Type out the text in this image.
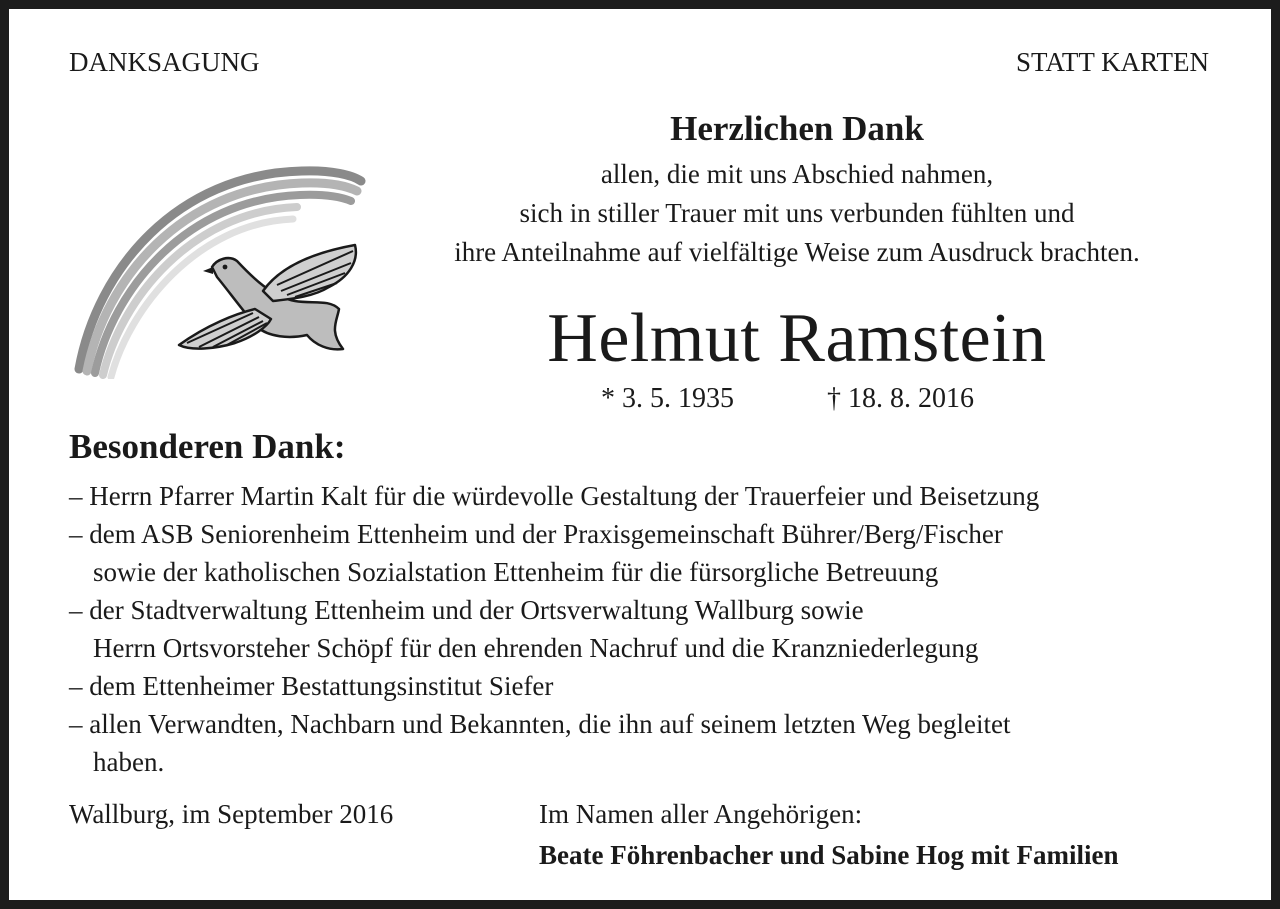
DANKSAGUNG	STATT KARTEN
Herzlichen Dank
allen, die mit uns Abschied nahmen,
sich in stiller Trauer mit uns verbunden fühlten und
ihre Anteilnahme auf vielfältige Weise zum Ausdruck brachten.
Helmut Ramstein
* 3. 5. 1935	† 18. 8. 2016
Besonderen Dank:
– Herrn Pfarrer Martin Kalt für die würdevolle Gestaltung der Trauerfeier und Beisetzung
– dem ASB Seniorenheim Ettenheim und der Praxisgemeinschaft Bührer/Berg/Fischer
sowie der katholischen Sozialstation Ettenheim für die fürsorgliche Betreuung
– der Stadtverwaltung Ettenheim und der Ortsverwaltung Wallburg sowie
Herrn Ortsvorsteher Schöpf für den ehrenden Nachruf und die Kranzniederlegung
– dem Ettenheimer Bestattungsinstitut Siefer
– allen Verwandten, Nachbarn und Bekannten, die ihn auf seinem letzten Weg begleitet
haben.
Wallburg, im September 2016	Im Namen aller Angehörigen:
Beate Föhrenbacher und Sabine Hog mit Familien
